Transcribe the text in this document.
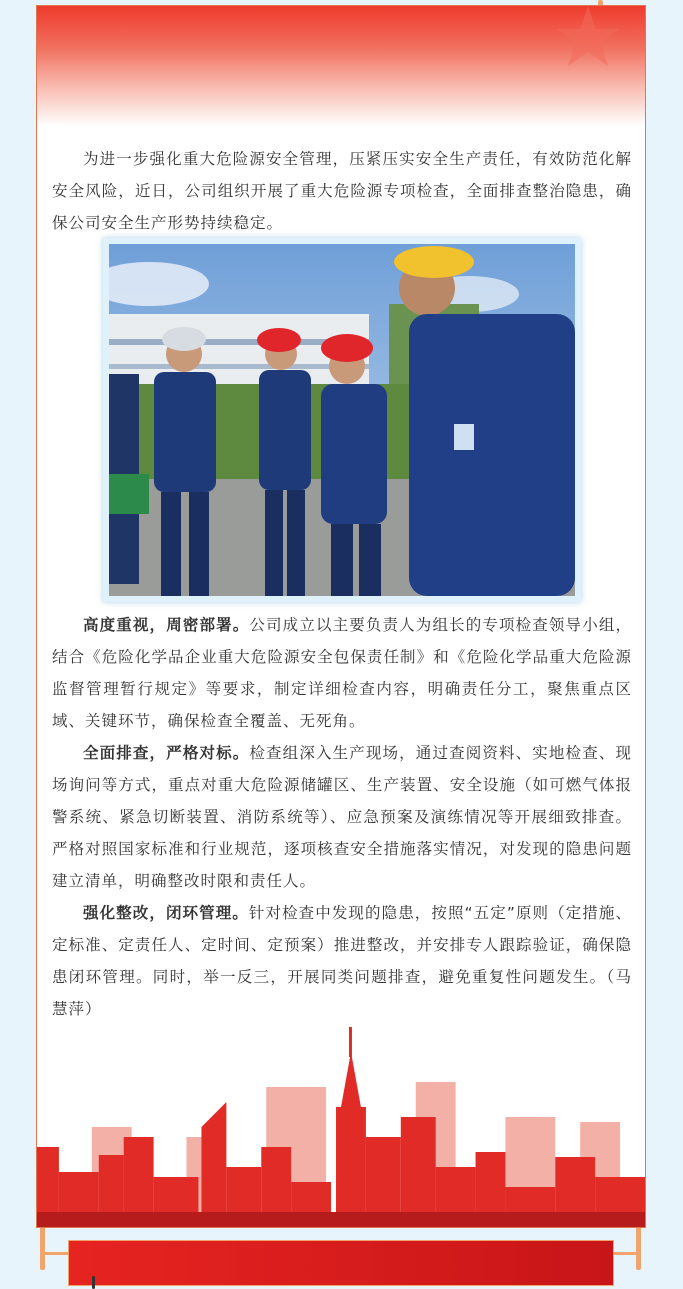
为进一步强化重大危险源安全管理，压紧压实安全生产责任，有效防范化解安全风险，近日，公司组织开展了重大危险源专项检查，全面排查整治隐患，确保公司安全生产形势持续稳定。

高度重视，周密部署。公司成立以主要负责人为组长的专项检查领导小组，结合《危险化学品企业重大危险源安全包保责任制》和《危险化学品重大危险源监督管理暂行规定》等要求，制定详细检查内容，明确责任分工，聚焦重点区域、关键环节，确保检查全覆盖、无死角。

全面排查，严格对标。检查组深入生产现场，通过查阅资料、实地检查、现场询问等方式，重点对重大危险源储罐区、生产装置、安全设施（如可燃气体报警系统、紧急切断装置、消防系统等）、应急预案及演练情况等开展细致排查。严格对照国家标准和行业规范，逐项核查安全措施落实情况，对发现的隐患问题建立清单，明确整改时限和责任人。

强化整改，闭环管理。针对检查中发现的隐患，按照“五定”原则（定措施、定标准、定责任人、定时间、定预案）推进整改，并安排专人跟踪验证，确保隐患闭环管理。同时，举一反三，开展同类问题排查，避免重复性问题发生。（马慧萍）
